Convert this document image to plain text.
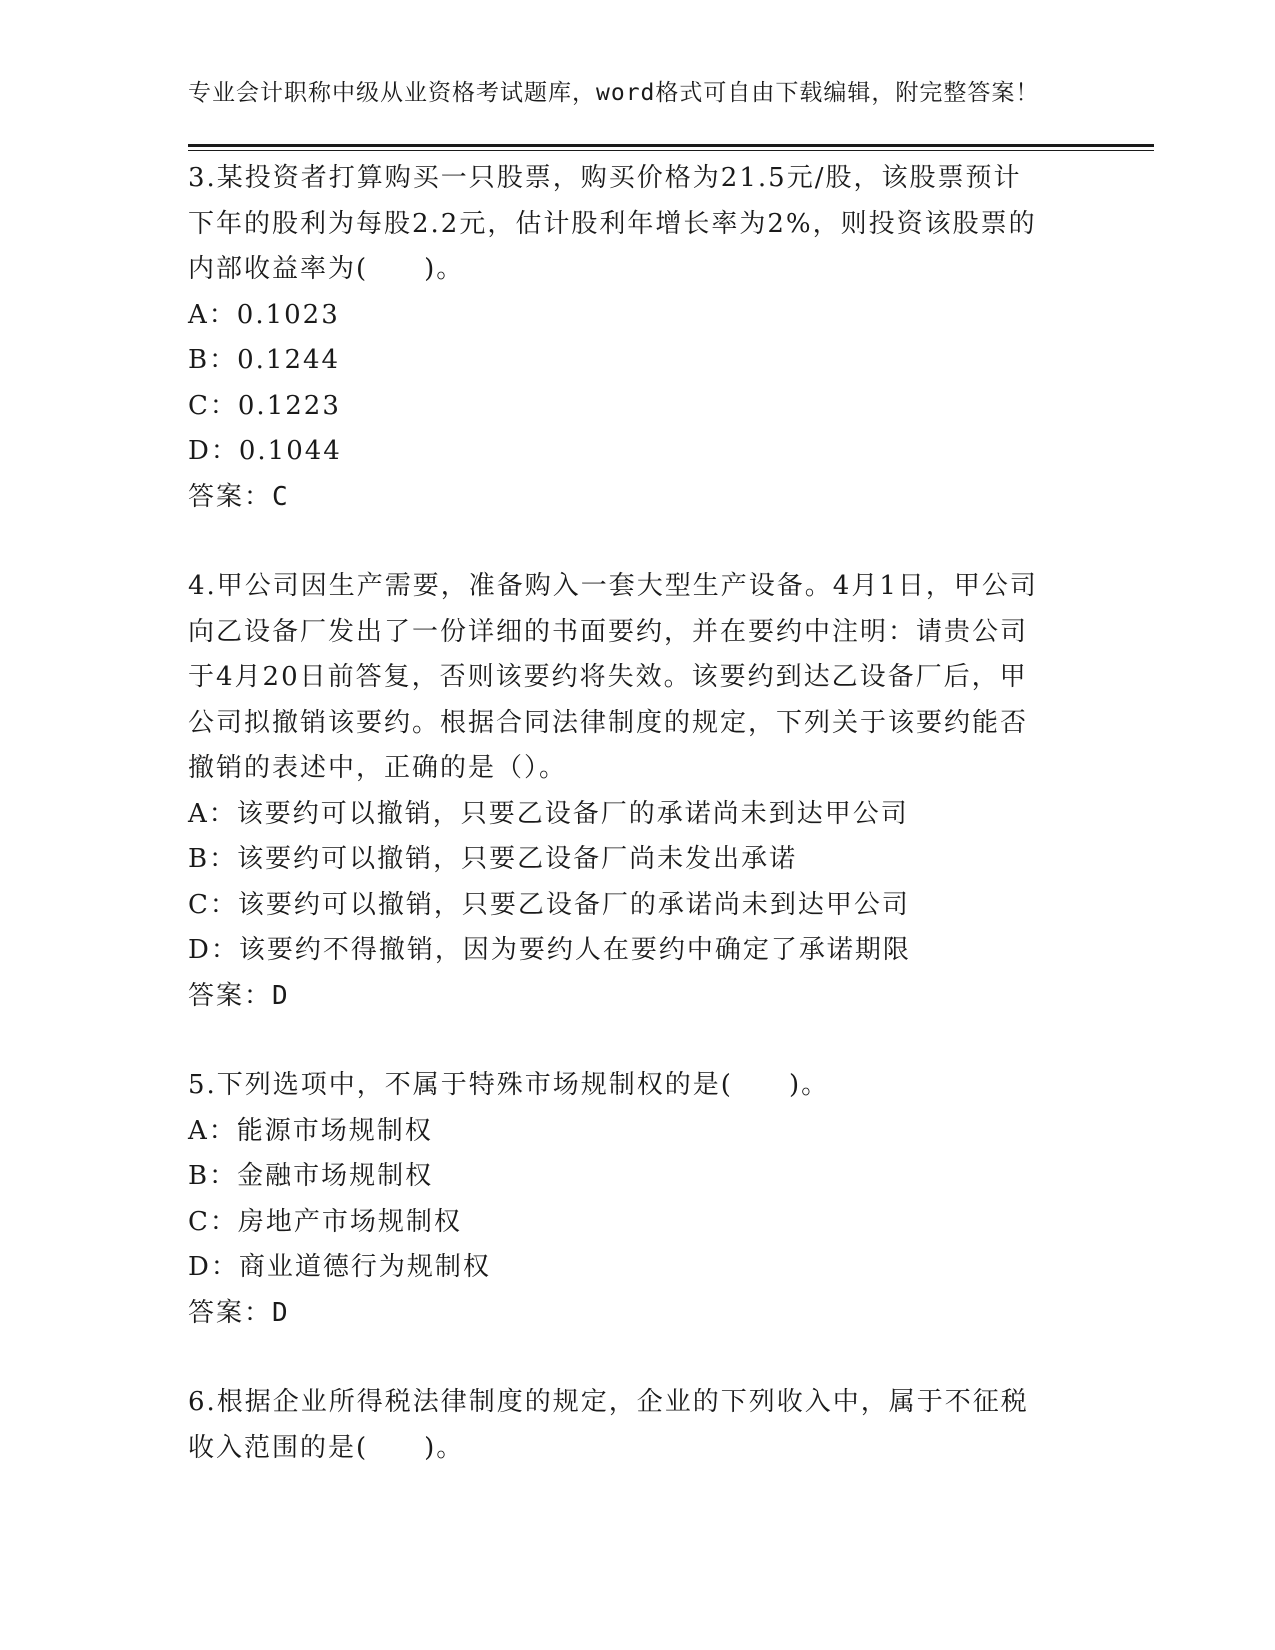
专业会计职称中级从业资格考试题库，word格式可自由下载编辑，附完整答案！
3.某投资者打算购买一只股票，购买价格为21.5元/股，该股票预计
下年的股利为每股2.2元，估计股利年增长率为2%，则投资该股票的
内部收益率为(　　)。
A：0.1023
B：0.1244
C：0.1223
D：0.1044
答案：C
4.甲公司因生产需要，准备购入一套大型生产设备。4月1日，甲公司
向乙设备厂发出了一份详细的书面要约，并在要约中注明：请贵公司
于4月20日前答复，否则该要约将失效。该要约到达乙设备厂后，甲
公司拟撤销该要约。根据合同法律制度的规定，下列关于该要约能否
撤销的表述中，正确的是（）。
A：该要约可以撤销，只要乙设备厂的承诺尚未到达甲公司
B：该要约可以撤销，只要乙设备厂尚未发出承诺
C：该要约可以撤销，只要乙设备厂的承诺尚未到达甲公司
D：该要约不得撤销，因为要约人在要约中确定了承诺期限
答案：D
5.下列选项中，不属于特殊市场规制权的是(　　)。
A：能源市场规制权
B：金融市场规制权
C：房地产市场规制权
D：商业道德行为规制权
答案：D
6.根据企业所得税法律制度的规定，企业的下列收入中，属于不征税
收入范围的是(　　)。
